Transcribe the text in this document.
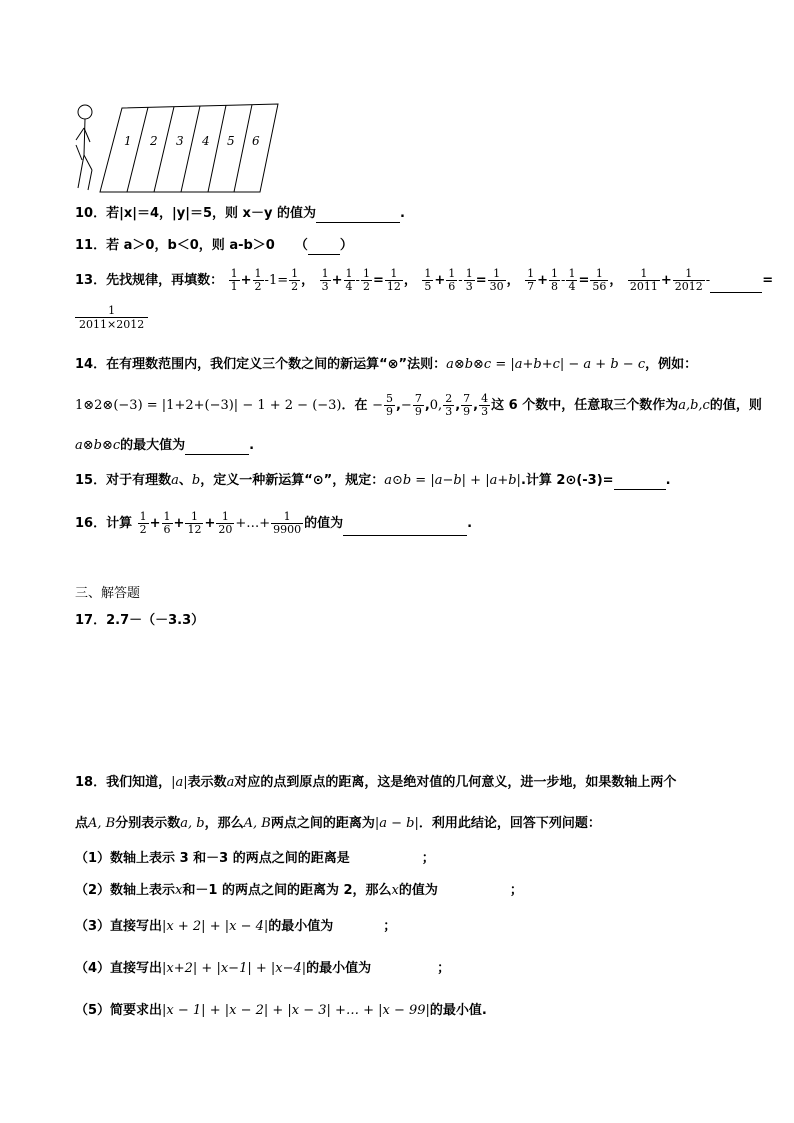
1 2 3 4 5 6
10．若|x|＝4，|y|＝5，则 x－y 的值为	.
11．若 a＞0，b＜0，则 a-b＞0 （ ）
13．先找规律，再填数： $\frac{1}{1} + \frac{1}{2} -1= \frac{1}{2}$ ， $\frac{1}{3} + \frac{1}{4} - \frac{1}{2} = \frac{1}{12}$ ， $\frac{1}{5} + \frac{1}{6} - \frac{1}{3} = \frac{1}{30}$ ， $\frac{1}{7} + \frac{1}{8} - \frac{1}{4} = \frac{1}{56}$ ， $\frac{1}{2011} + \frac{1}{2012}$ -	=
1
2011×2012
14．在有理数范围内，我们定义三个数之间的新运算“⊗”法则：a⊗b⊗c = |a+b+c| − a + b − c，例如：
1⊗2⊗(−3) = |1+2+(−3)| − 1 + 2 − (−3)．在 − $\frac{5}{9}$ ,− $\frac{7}{9} ,0$, $\frac{2}{3}$ , $\frac{7}{9}$ , $\frac{4}{3}$ 这 6 个数中，任意取三个数作为a,b,c的值，则
a⊗b⊗c的最大值为	.
15．对于有理数a、b，定义一种新运算“⊙”，规定：a⊙b = |a−b| + |a+b|.计算 2⊙(-3)=	.
16．计算 $\frac{1}{2} + \frac{1}{6} + \frac{1}{12} + \frac{1}{20}$ +…+ $\frac{1}{9900}$ 的值为	.
三、解答题
17．2.7－（－3.3）
18．我们知道，|a|表示数a对应的点到原点的距离，这是绝对值的几何意义，进一步地，如果数轴上两个
点A, B分别表示数a, b，那么A, B两点之间的距离为|a − b|．利用此结论，回答下列问题：
（1）数轴上表示 3 和－3 的两点之间的距离是	；
（2）数轴上表示x和－1 的两点之间的距离为 2，那么x的值为	；
（3）直接写出|x + 2| + |x − 4|的最小值为	；
（4）直接写出|x+2| + |x−1| + |x−4|的最小值为	；
（5）简要求出|x − 1| + |x − 2| + |x − 3| +… + |x − 99|的最小值.
